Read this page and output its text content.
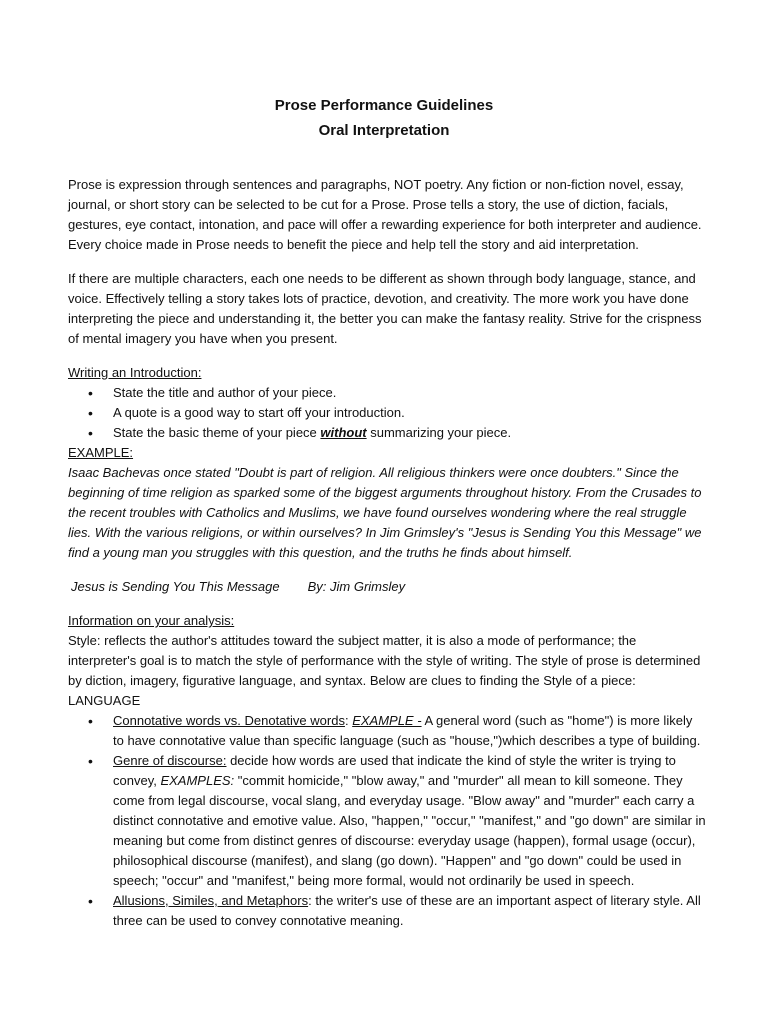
Prose Performance Guidelines
Oral Interpretation

Prose is expression through sentences and paragraphs, NOT poetry. Any fiction or non-fiction novel, essay, journal, or short story can be selected to be cut for a Prose. Prose tells a story, the use of diction, facials, gestures, eye contact, intonation, and pace will offer a rewarding experience for both interpreter and audience. Every choice made in Prose needs to benefit the piece and help tell the story and aid interpretation.

If there are multiple characters, each one needs to be different as shown through body language, stance, and voice. Effectively telling a story takes lots of practice, devotion, and creativity. The more work you have done interpreting the piece and understanding it, the better you can make the fantasy reality. Strive for the crispness of mental imagery you have when you present.

Writing an Introduction:

• State the title and author of your piece.
• A quote is a good way to start off your introduction.
• State the basic theme of your piece without summarizing your piece.

EXAMPLE:

Isaac Bachevas once stated "Doubt is part of religion. All religious thinkers were once doubters." Since the beginning of time religion as sparked some of the biggest arguments throughout history. From the Crusades to the recent troubles with Catholics and Muslims, we have found ourselves wondering where the real struggle lies. With the various religions, or within ourselves? In Jim Grimsley's "Jesus is Sending You this Message" we find a young man you struggles with this question, and the truths he finds about himself.

Jesus is Sending You This Message By: Jim Grimsley

Information on your analysis:

Style: reflects the author's attitudes toward the subject matter, it is also a mode of performance; the interpreter's goal is to match the style of performance with the style of writing. The style of prose is determined by diction, imagery, figurative language, and syntax. Below are clues to finding the Style of a piece:

LANGUAGE

• Connotative words vs. Denotative words: EXAMPLE - A general word (such as "home") is more likely to have connotative value than specific language (such as "house,")which describes a type of building.
• Genre of discourse: decide how words are used that indicate the kind of style the writer is trying to convey, EXAMPLES: "commit homicide," "blow away," and "murder" all mean to kill someone. They come from legal discourse, vocal slang, and everyday usage. "Blow away" and "murder" each carry a distinct connotative and emotive value. Also, "happen," "occur," "manifest," and "go down" are similar in meaning but come from distinct genres of discourse: everyday usage (happen), formal usage (occur), philosophical discourse (manifest), and slang (go down). "Happen" and "go down" could be used in speech; "occur" and "manifest," being more formal, would not ordinarily be used in speech.
• Allusions, Similes, and Metaphors: the writer's use of these are an important aspect of literary style. All three can be used to convey connotative meaning.
